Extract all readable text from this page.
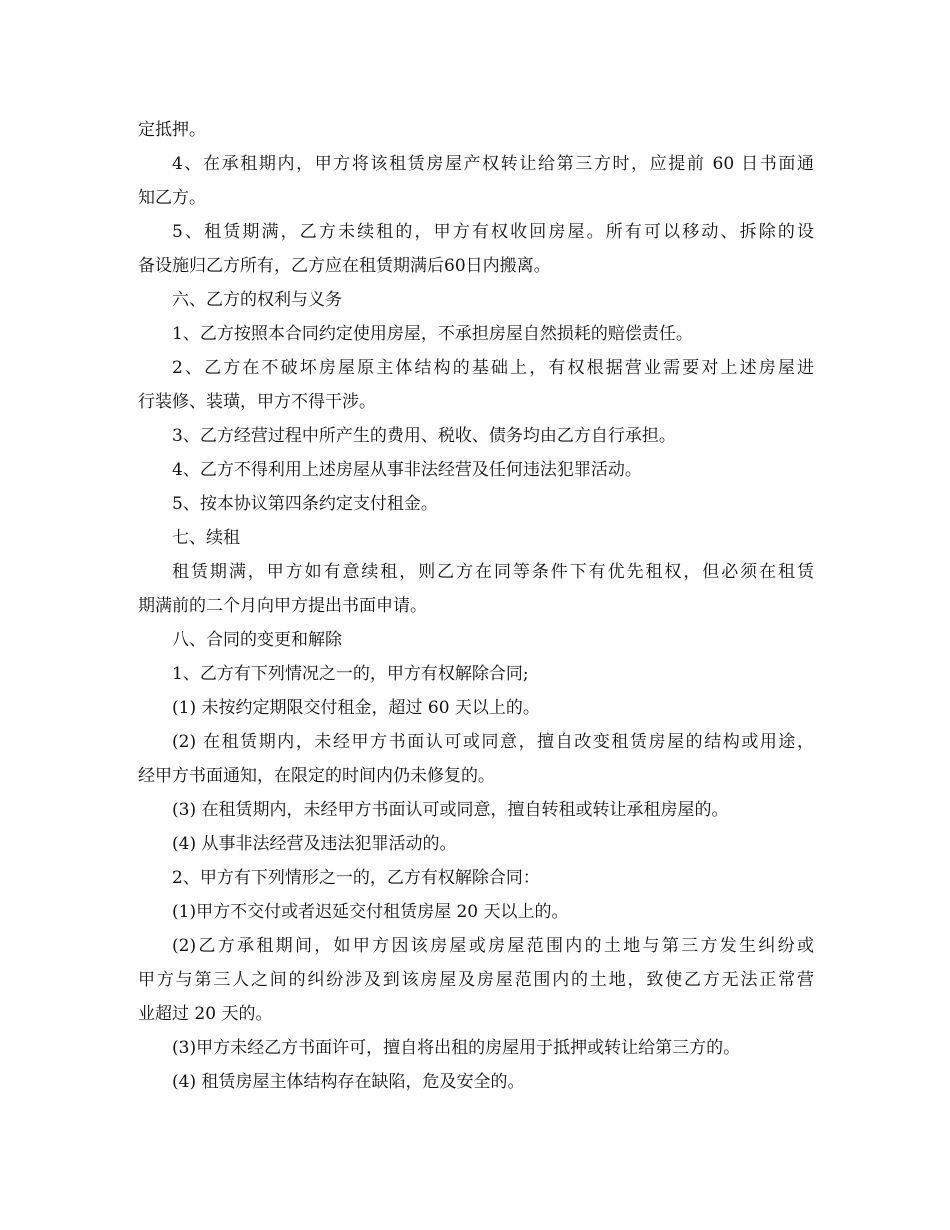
定抵押。
4、在承租期内，甲方将该租赁房屋产权转让给第三方时，应提前 60 日书面通
知乙方。
5、租赁期满，乙方未续租的，甲方有权收回房屋。所有可以移动、拆除的设
备设施归乙方所有，乙方应在租赁期满后60日内搬离。
六、乙方的权利与义务
1、乙方按照本合同约定使用房屋，不承担房屋自然损耗的赔偿责任。
2、乙方在不破坏房屋原主体结构的基础上，有权根据营业需要对上述房屋进
行装修、装璜，甲方不得干涉。
3、乙方经营过程中所产生的费用、税收、债务均由乙方自行承担。
4、乙方不得利用上述房屋从事非法经营及任何违法犯罪活动。
5、按本协议第四条约定支付租金。
七、续租
租赁期满，甲方如有意续租，则乙方在同等条件下有优先租权，但必须在租赁
期满前的二个月向甲方提出书面申请。
八、合同的变更和解除
1、乙方有下列情况之一的，甲方有权解除合同;
(1) 未按约定期限交付租金，超过 60 天以上的。
(2) 在租赁期内，未经甲方书面认可或同意，擅自改变租赁房屋的结构或用途，
经甲方书面通知，在限定的时间内仍未修复的。
(3) 在租赁期内，未经甲方书面认可或同意，擅自转租或转让承租房屋的。
(4) 从事非法经营及违法犯罪活动的。
2、甲方有下列情形之一的，乙方有权解除合同：
(1)甲方不交付或者迟延交付租赁房屋 20 天以上的。
(2)乙方承租期间，如甲方因该房屋或房屋范围内的土地与第三方发生纠纷或
甲方与第三人之间的纠纷涉及到该房屋及房屋范围内的土地，致使乙方无法正常营
业超过 20 天的。
(3)甲方未经乙方书面许可，擅自将出租的房屋用于抵押或转让给第三方的。
(4) 租赁房屋主体结构存在缺陷，危及安全的。
